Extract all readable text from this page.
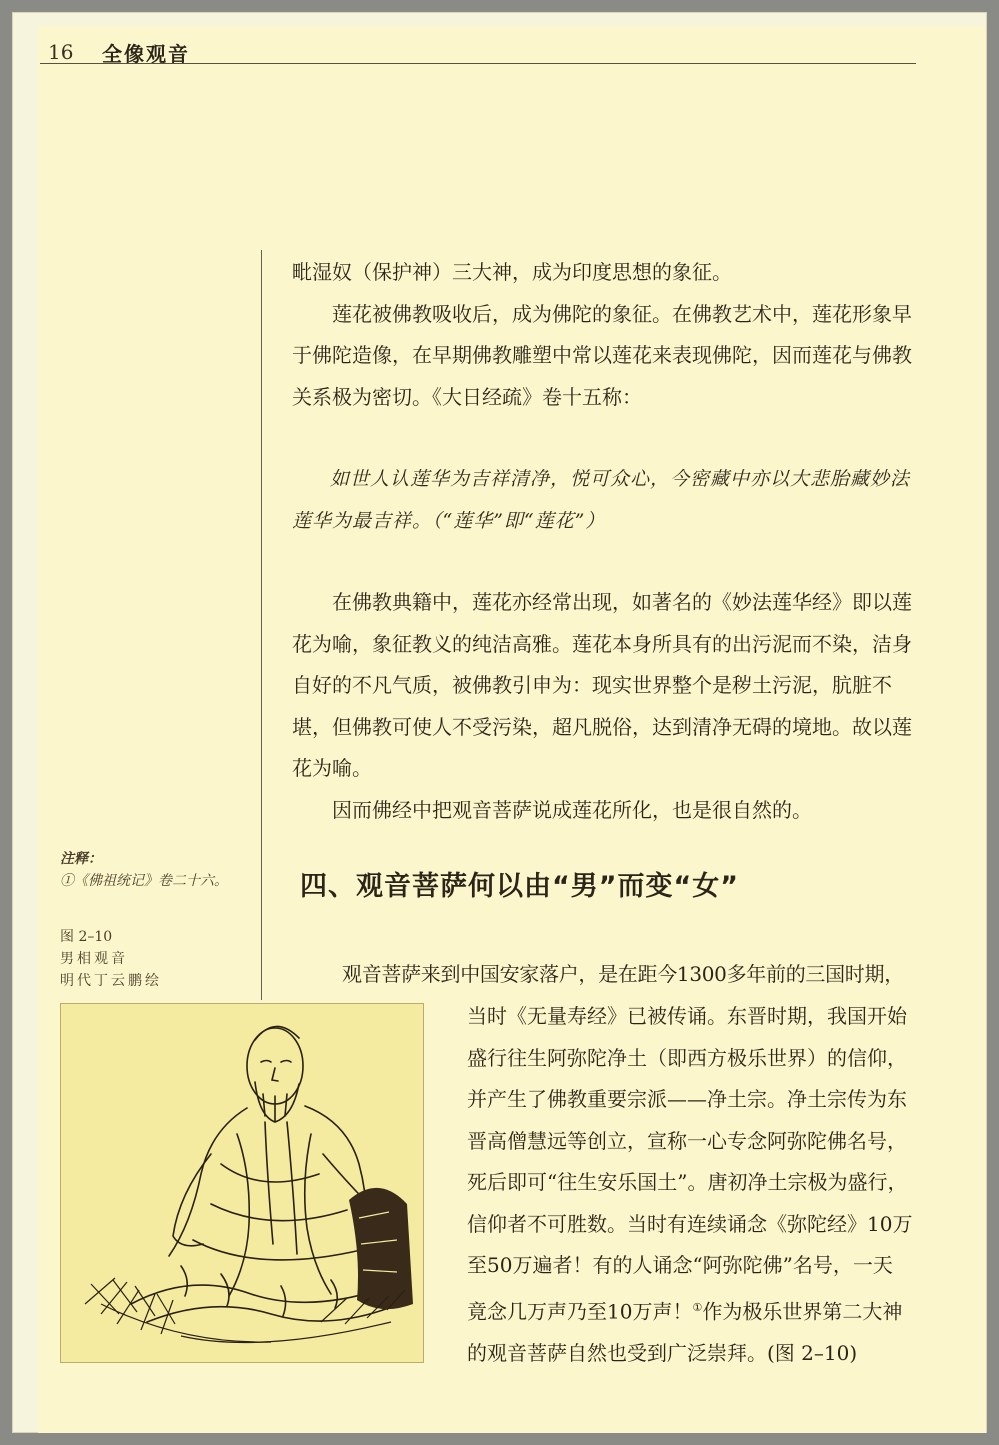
16 全像观音

毗湿奴（保护神）三大神，成为印度思想的象征。

莲花被佛教吸收后，成为佛陀的象征。在佛教艺术中，莲花形象早于佛陀造像，在早期佛教雕塑中常以莲花来表现佛陀，因而莲花与佛教关系极为密切。《大日经疏》卷十五称：

如世人认莲华为吉祥清净，悦可众心，今密藏中亦以大悲胎藏妙法莲华为最吉祥。（“莲华”即“莲花”）

在佛教典籍中，莲花亦经常出现，如著名的《妙法莲华经》即以莲花为喻，象征教义的纯洁高雅。莲花本身所具有的出污泥而不染，洁身自好的不凡气质，被佛教引申为：现实世界整个是秽土污泥，肮脏不堪，但佛教可使人不受污染，超凡脱俗，达到清净无碍的境地。故以莲花为喻。

因而佛经中把观音菩萨说成莲花所化，也是很自然的。

注释：
①《佛祖统记》卷二十六。	四、观音菩萨何以由“男”而变“女”
图 2–10
男相观音
明代丁云鹏绘	观音菩萨来到中国安家落户，是在距今1300多年前的三国时期，

当时《无量寿经》已被传诵。东晋时期，我国开始
盛行往生阿弥陀净土（即西方极乐世界）的信仰，
并产生了佛教重要宗派——净土宗。净土宗传为东
晋高僧慧远等创立，宣称一心专念阿弥陀佛名号，
死后即可“往生安乐国土”。唐初净土宗极为盛行，
信仰者不可胜数。当时有连续诵念《弥陀经》10万
至50万遍者！有的人诵念“阿弥陀佛”名号，一天
竟念几万声乃至10万声！①作为极乐世界第二大神
的观音菩萨自然也受到广泛崇拜。(图 2–10)
